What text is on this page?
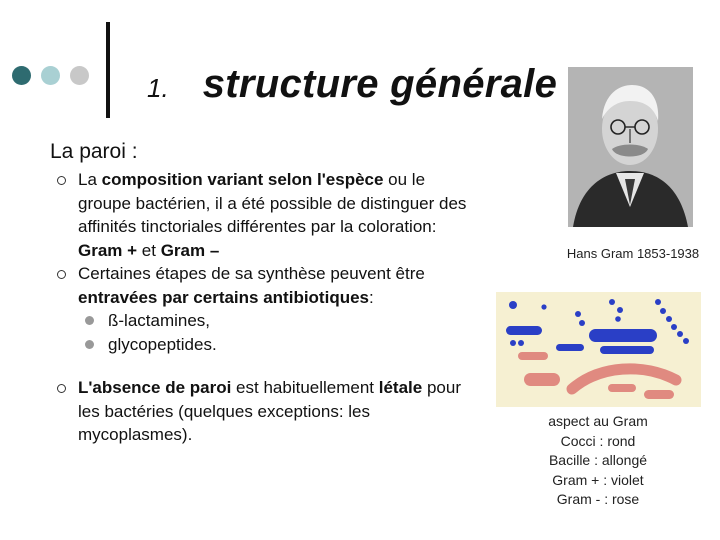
1. structure générale
La paroi :
La composition variant selon l'espèce ou le groupe bactérien, il a été possible de distinguer des affinités tinctoriales différentes par la coloration: Gram + et Gram –
Certaines étapes de sa synthèse peuvent être entravées par certains antibiotiques:
ß-lactamines,
glycopeptides.
L'absence de paroi est habituellement létale pour les bactéries (quelques exceptions: les mycoplasmes).
Hans Gram 1853-1938
aspect au Gram
Cocci : rond
Bacille : allongé
Gram + : violet
Gram - : rose
